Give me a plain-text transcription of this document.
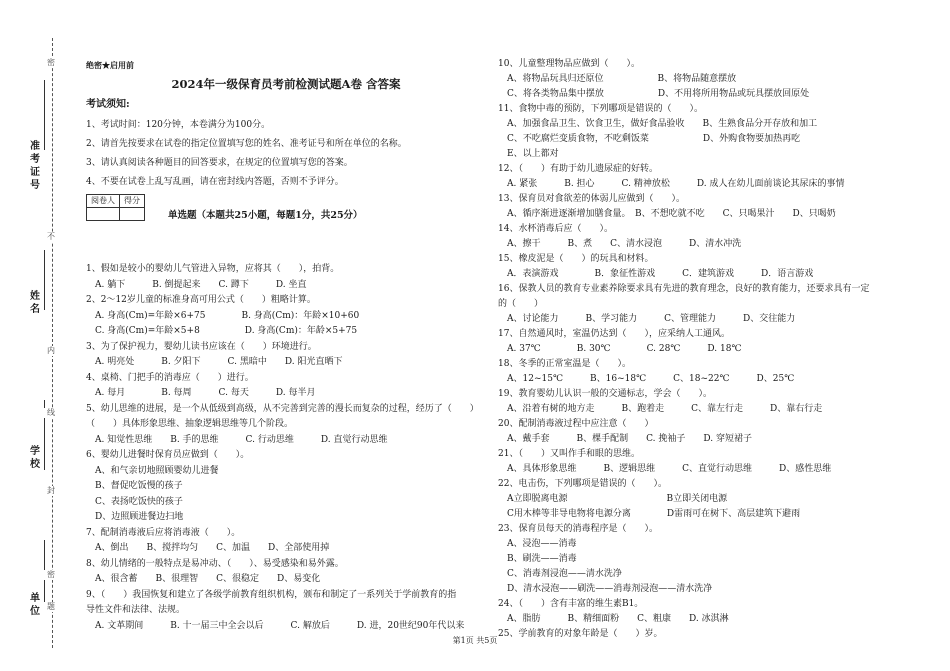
准考证号
姓名
学校
单位
密
不
内
线
封
密
题
绝密★启用前
2024年一级保育员考前检测试题A卷 含答案
考试须知:
1、考试时间：120分钟，本卷满分为100分。
2、请首先按要求在试卷的指定位置填写您的姓名、准考证号和所在单位的名称。
3、请认真阅读各种题目的回答要求，在规定的位置填写您的答案。
4、不要在试卷上乱写乱画，请在密封线内答题，否则不予评分。
阅卷人	得分

单选题（本题共25小题，每题1分，共25分）
1、假如是较小的婴幼儿气管进入异物，应将其（　　），拍背。
　A. 躺下　　　B. 倒提起来　　C. 蹲下　　　D. 坐直
2、2～12岁儿童的标准身高可用公式（　　）粗略计算。
　A. 身高(Cm)=年龄×6+75　　　　B. 身高(Cm)：年龄×10+60
　C. 身高(Cm)=年龄×5+8　　　　　D. 身高(Cm)：年龄×5+75
3、为了保护视力，婴幼儿读书应该在（　　）环境进行。
　A. 明亮处　　　B. 夕阳下　　　C. 黑暗中　　D. 阳光直晒下
4、桌椅、门把手的消毒应（　　）进行。
　A. 每月　　　　B. 每周　　　C. 每天　　　D. 每半月
5、幼儿思维的进展，是一个从低级到高级，从不完善到完善的漫长而复杂的过程，经历了（　　）
（　　）具体形象思维、抽象逻辑思维等几个阶段。
　A. 知觉性思维　　B. 手的思维　　　C. 行动思维　　　D. 直觉行动思维
6、婴幼儿进餐时保育员应做到（　　）。
　A、和气亲切地照顾婴幼儿进餐
　B、督促吃饭慢的孩子
　C、表扬吃饭快的孩子
　D、边照顾进餐边扫地
7、配制消毒液后应将消毒液（　　）。
　A、倒出　　B、搅拌均匀　　C、加温　　D、全部使用掉
8、幼儿情绪的一般特点是易冲动、（　　）、易受感染和易外露。
　A、很含蓄　　B、很理智　　C、很稳定　　D、易变化
9、（　　）我国恢复和建立了各级学前教育组织机构，颁布和制定了一系列关于学前教育的指
导性文件和法律、法规。
　A. 文革期间　　　B. 十一届三中全会以后　　　C. 解放后　　　D. 进，20世纪90年代以来
10、儿童整理物品应做到（　　）。
　A、将物品玩具归还原位　　　　　　B、将物品随意摆放
　C、将各类物品集中摆放　　　　　　D、不用将所用物品或玩具摆放回原处
11、食物中毒的预防，下列哪项是错误的（　　）。
　A、加强食品卫生、饮食卫生，做好食品验收　　B、生熟食品分开存放和加工
　C、不吃腐烂变质食物，不吃剩饭菜　　　　　　D、外购食物要加热再吃
　E、以上都对
12、（　　）有助于幼儿遗尿症的好转。
　A. 紧张　　　B. 担心　　　C. 精神放松　　　D. 成人在幼儿面前谈论其尿床的事情
13、保育员对食欲差的体弱儿应做到（　　）。
　A、循序渐进逐渐增加膳食量。　B、不想吃就不吃　　C、只喝果汁　　D、只喝奶
14、水杯消毒后应（　　）。
　A、擦干　　　B、煮　　C、清水浸泡　　　D、清水冲洗
15、橡皮泥是（　　）的玩具和材料。
　A．表演游戏　　　　B．象征性游戏　　　C．建筑游戏　　　D．语言游戏
16、保教人员的教育专业素养除要求具有先进的教育理念，良好的教育能力，还要求具有一定
的（　　）
　A、讨论能力　　　B、学习能力　　　C、管理能力　　　D、交往能力
17、自然通风时，室温仍达到（　　），应采纳人工通风。
　A. 37℃　　　　B. 30℃　　　　C. 28℃　　　D. 18℃
18、冬季的正常室温是（　　）。
　A、12~15℃　　　B、16~18℃　　　C、18~22℃　　　D、25℃
19、教育婴幼儿认识一般的交通标志，学会（　　）。
　A、沿着有树的地方走　　　B、跑着走　　　C、靠左行走　　　D、靠右行走
20、配制消毒液过程中应注意（　　）
　A、戴手套　　　B、棵手配制　　C. 挽袖子　　D. 穿短裙子
21、（　　）又叫作手和眼的思维。
　A、具体形象思维　　　B、逻辑思维　　　C、直觉行动思维　　　D、感性思维
22、电击伤，下列哪项是错误的（　　）。
　A立即脱离电源　　　　　　　　　　　B立即关闭电源
　C用木棒等非导电物将电源分离　　　　D雷雨可在树下、高层建筑下避雨
23、保育员每天的消毒程序是（　　）。
　A、浸泡——消毒
　B、刷洗——消毒
　C、消毒剂浸泡——清水洗净
　D、清水浸泡——刷洗——消毒剂浸泡——清水洗净
24、（　　）含有丰富的维生素B1。
　A、脂肪　　　B、精细面粉　　C、粗康　　D. 冰淇淋
25、学前教育的对象年龄是（　　）岁。
第1页 共5页
